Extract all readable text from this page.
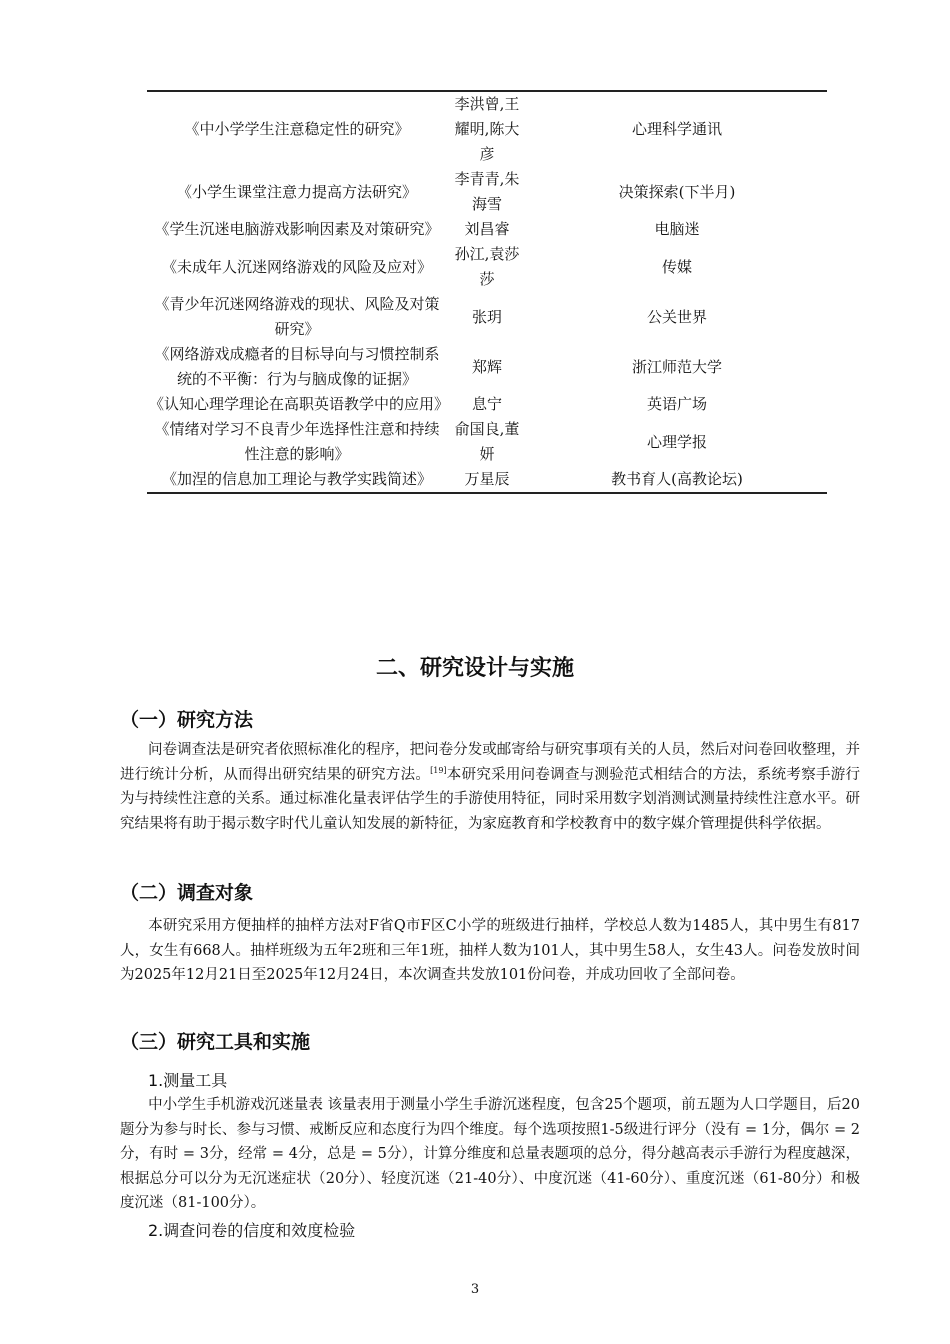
《中小学学生注意稳定性的研究》	李洪曾,王耀明,陈大彦	心理科学通讯
《小学生课堂注意力提高方法研究》	李青青,朱海雪	决策探索(下半月)
《学生沉迷电脑游戏影响因素及对策研究》	刘昌睿	电脑迷
《未成年人沉迷网络游戏的风险及应对》	孙江,袁莎莎	传媒
《青少年沉迷网络游戏的现状、风险及对策研究》	张玥	公关世界
《网络游戏成瘾者的目标导向与习惯控制系统的不平衡：行为与脑成像的证据》	郑辉	浙江师范大学
《认知心理学理论在高职英语教学中的应用》	息宁	英语广场
《情绪对学习不良青少年选择性注意和持续性注意的影响》	俞国良,董妍	心理学报
《加涅的信息加工理论与教学实践简述》	万星辰	教书育人(高教论坛)

二、研究设计与实施
（一）研究方法

问卷调查法是研究者依照标准化的程序，把问卷分发或邮寄给与研究事项有关的人员，然后对问卷回收整理，并进行统计分析，从而得出研究结果的研究方法。[19]本研究采用问卷调查与测验范式相结合的方法，系统考察手游行为与持续性注意的关系。通过标准化量表评估学生的手游使用特征，同时采用数字划消测试测量持续性注意水平。研究结果将有助于揭示数字时代儿童认知发展的新特征，为家庭教育和学校教育中的数字媒介管理提供科学依据。

（二）调查对象

本研究采用方便抽样的抽样方法对F省Q市F区C小学的班级进行抽样，学校总人数为1485人，其中男生有817人，女生有668人。抽样班级为五年2班和三年1班，抽样人数为101人，其中男生58人，女生43人。问卷发放时间为2025年12月21日至2025年12月24日，本次调查共发放101份问卷，并成功回收了全部问卷。

（三）研究工具和实施
1.测量工具

中小学生手机游戏沉迷量表 该量表用于测量小学生手游沉迷程度，包含25个题项，前五题为人口学题目，后20题分为参与时长、参与习惯、戒断反应和态度行为四个维度。每个选项按照1-5级进行评分（没有 = 1分，偶尔 = 2分，有时 = 3分，经常 = 4分，总是 = 5分），计算分维度和总量表题项的总分，得分越高表示手游行为程度越深，根据总分可以分为无沉迷症状（20分）、轻度沉迷（21-40分）、中度沉迷（41-60分）、重度沉迷（61-80分）和极度沉迷（81-100分）。

2.调查问卷的信度和效度检验
3
